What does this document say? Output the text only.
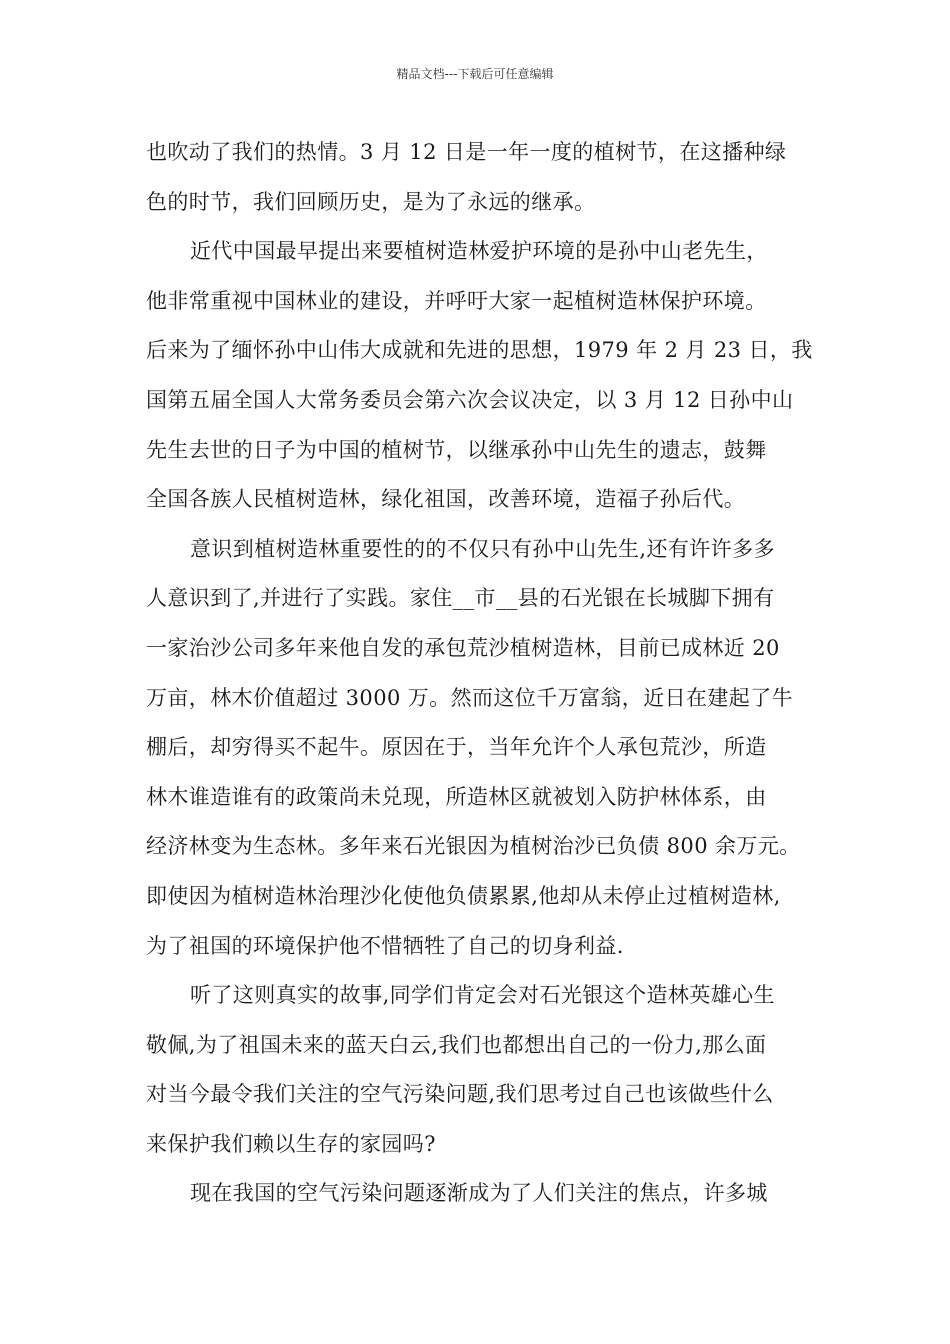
精品文档---下载后可任意编辑
也吹动了我们的热情。3 月 12 日是一年一度的植树节，在这播种绿
色的时节，我们回顾历史，是为了永远的继承。
近代中国最早提出来要植树造林爱护环境的是孙中山老先生，
他非常重视中国林业的建设，并呼吁大家一起植树造林保护环境。
后来为了缅怀孙中山伟大成就和先进的思想，1979 年 2 月 23 日，我
国第五届全国人大常务委员会第六次会议决定，以 3 月 12 日孙中山
先生去世的日子为中国的植树节，以继承孙中山先生的遗志，鼓舞
全国各族人民植树造林，绿化祖国，改善环境，造福子孙后代。
意识到植树造林重要性的的不仅只有孙中山先生,还有许许多多
人意识到了,并进行了实践。家住__市__县的石光银在长城脚下拥有
一家治沙公司多年来他自发的承包荒沙植树造林，目前已成林近 20
万亩，林木价值超过 3000 万。然而这位千万富翁，近日在建起了牛
棚后，却穷得买不起牛。原因在于，当年允许个人承包荒沙，所造
林木谁造谁有的政策尚未兑现，所造林区就被划入防护林体系，由
经济林变为生态林。多年来石光银因为植树治沙已负债 800 余万元。
即使因为植树造林治理沙化使他负债累累,他却从未停止过植树造林,
为了祖国的环境保护他不惜牺牲了自己的切身利益.
听了这则真实的故事,同学们肯定会对石光银这个造林英雄心生
敬佩,为了祖国未来的蓝天白云,我们也都想出自己的一份力,那么面
对当今最令我们关注的空气污染问题,我们思考过自己也该做些什么
来保护我们赖以生存的家园吗?
现在我国的空气污染问题逐渐成为了人们关注的焦点，许多城
